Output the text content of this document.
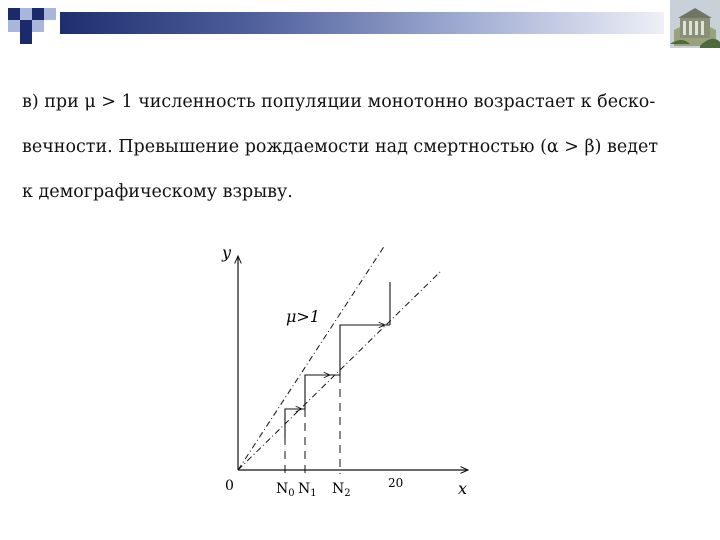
в) при μ > 1 численность популяции монотонно возрастает к беско-
вечности. Превышение рождаемости над смертностью (α > β) ведет
к демографическому взрыву.
y
x
0
μ>1
$N_0$ $N_1$ $N_2$
20
